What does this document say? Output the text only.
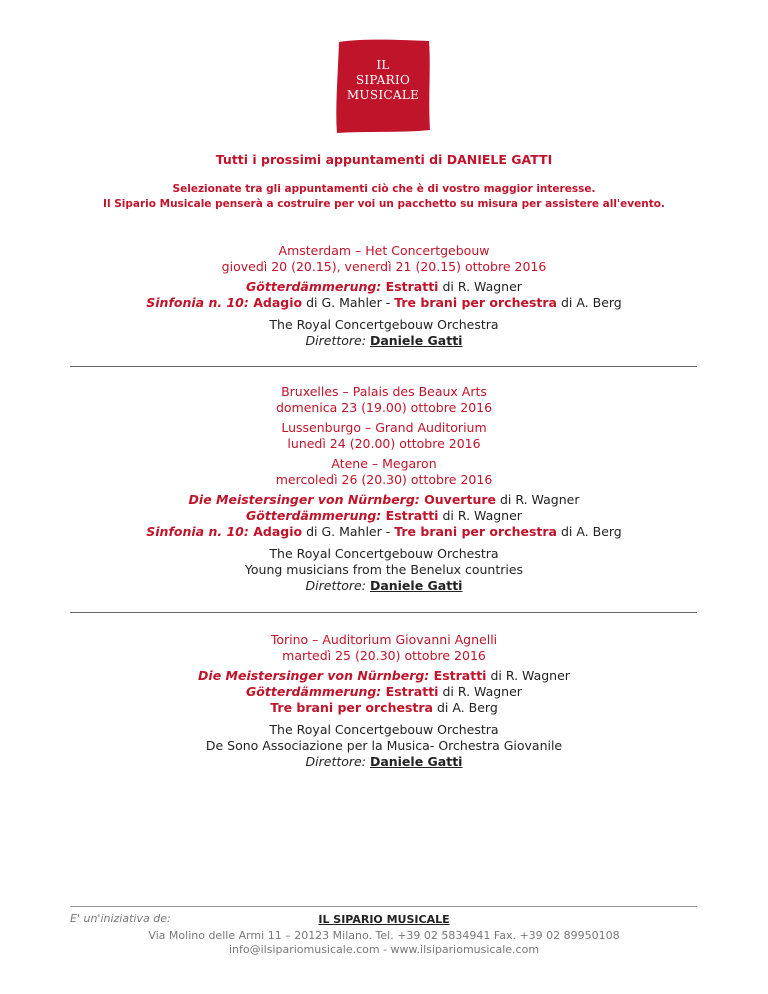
IL
SIPARIO
MUSICALE
Tutti i prossimi appuntamenti di DANIELE GATTI
Selezionate tra gli appuntamenti ciò che è di vostro maggior interesse.
Il Sipario Musicale penserà a costruire per voi un pacchetto su misura per assistere all'evento.
Amsterdam – Het Concertgebouw
giovedì 20 (20.15), venerdì 21 (20.15) ottobre 2016
Götterdämmerung: Estratti di R. Wagner
Sinfonia n. 10: Adagio di G. Mahler - Tre brani per orchestra di A. Berg
The Royal Concertgebouw Orchestra
Direttore: Daniele Gatti
Bruxelles – Palais des Beaux Arts
domenica 23 (19.00) ottobre 2016
Lussenburgo – Grand Auditorium
lunedì 24 (20.00) ottobre 2016
Atene – Megaron
mercoledì 26 (20.30) ottobre 2016
Die Meistersinger von Nürnberg: Ouverture di R. Wagner
Götterdämmerung: Estratti di R. Wagner
Sinfonia n. 10: Adagio di G. Mahler - Tre brani per orchestra di A. Berg
The Royal Concertgebouw Orchestra
Young musicians from the Benelux countries
Direttore: Daniele Gatti
Torino – Auditorium Giovanni Agnelli
martedì 25 (20.30) ottobre 2016
Die Meistersinger von Nürnberg: Estratti di R. Wagner
Götterdämmerung: Estratti di R. Wagner
Tre brani per orchestra di A. Berg
The Royal Concertgebouw Orchestra
De Sono Associazione per la Musica- Orchestra Giovanile
Direttore: Daniele Gatti
E' un'iniziativa de:	IL SIPARIO MUSICALE
Via Molino delle Armi 11 – 20123 Milano. Tel. +39 02 5834941 Fax. +39 02 89950108
info@ilsipariomusicale.com - www.ilsipariomusicale.com
